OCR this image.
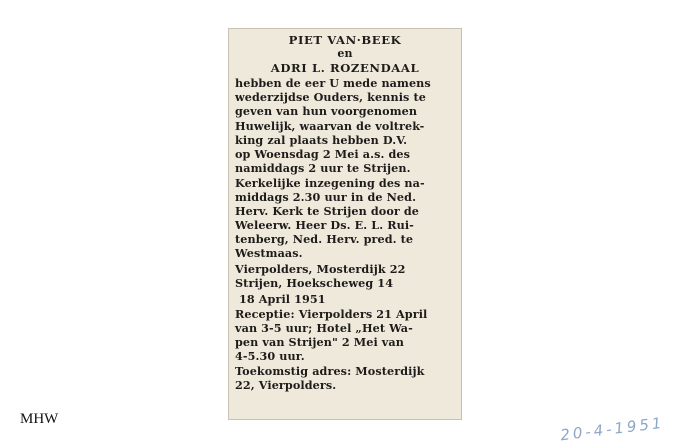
PIET VAN·BEEK
en
ADRI L. ROZENDAAL
hebben de eer U mede namens
wederzijdse Ouders, kennis te
geven van hun voorgenomen
Huwelijk, waarvan de voltrek-
king zal plaats hebben D.V.
op Woensdag 2 Mei a.s. des
namiddags 2 uur te Strijen.
Kerkelijke inzegening des na-
middags 2.30 uur in de Ned.
Herv. Kerk te Strijen door de
Weleerw. Heer Ds. E. L. Rui-
tenberg, Ned. Herv. pred. te
Westmaas.
Vierpolders, Mosterdijk 22
Strijen, Hoekscheweg 14
18 April 1951
Receptie: Vierpolders 21 April
van 3-5 uur; Hotel „Het Wa-
pen van Strijen" 2 Mei van
4-5.30 uur.
Toekomstig adres: Mosterdijk
22, Vierpolders.
MHW	20-4-1951
